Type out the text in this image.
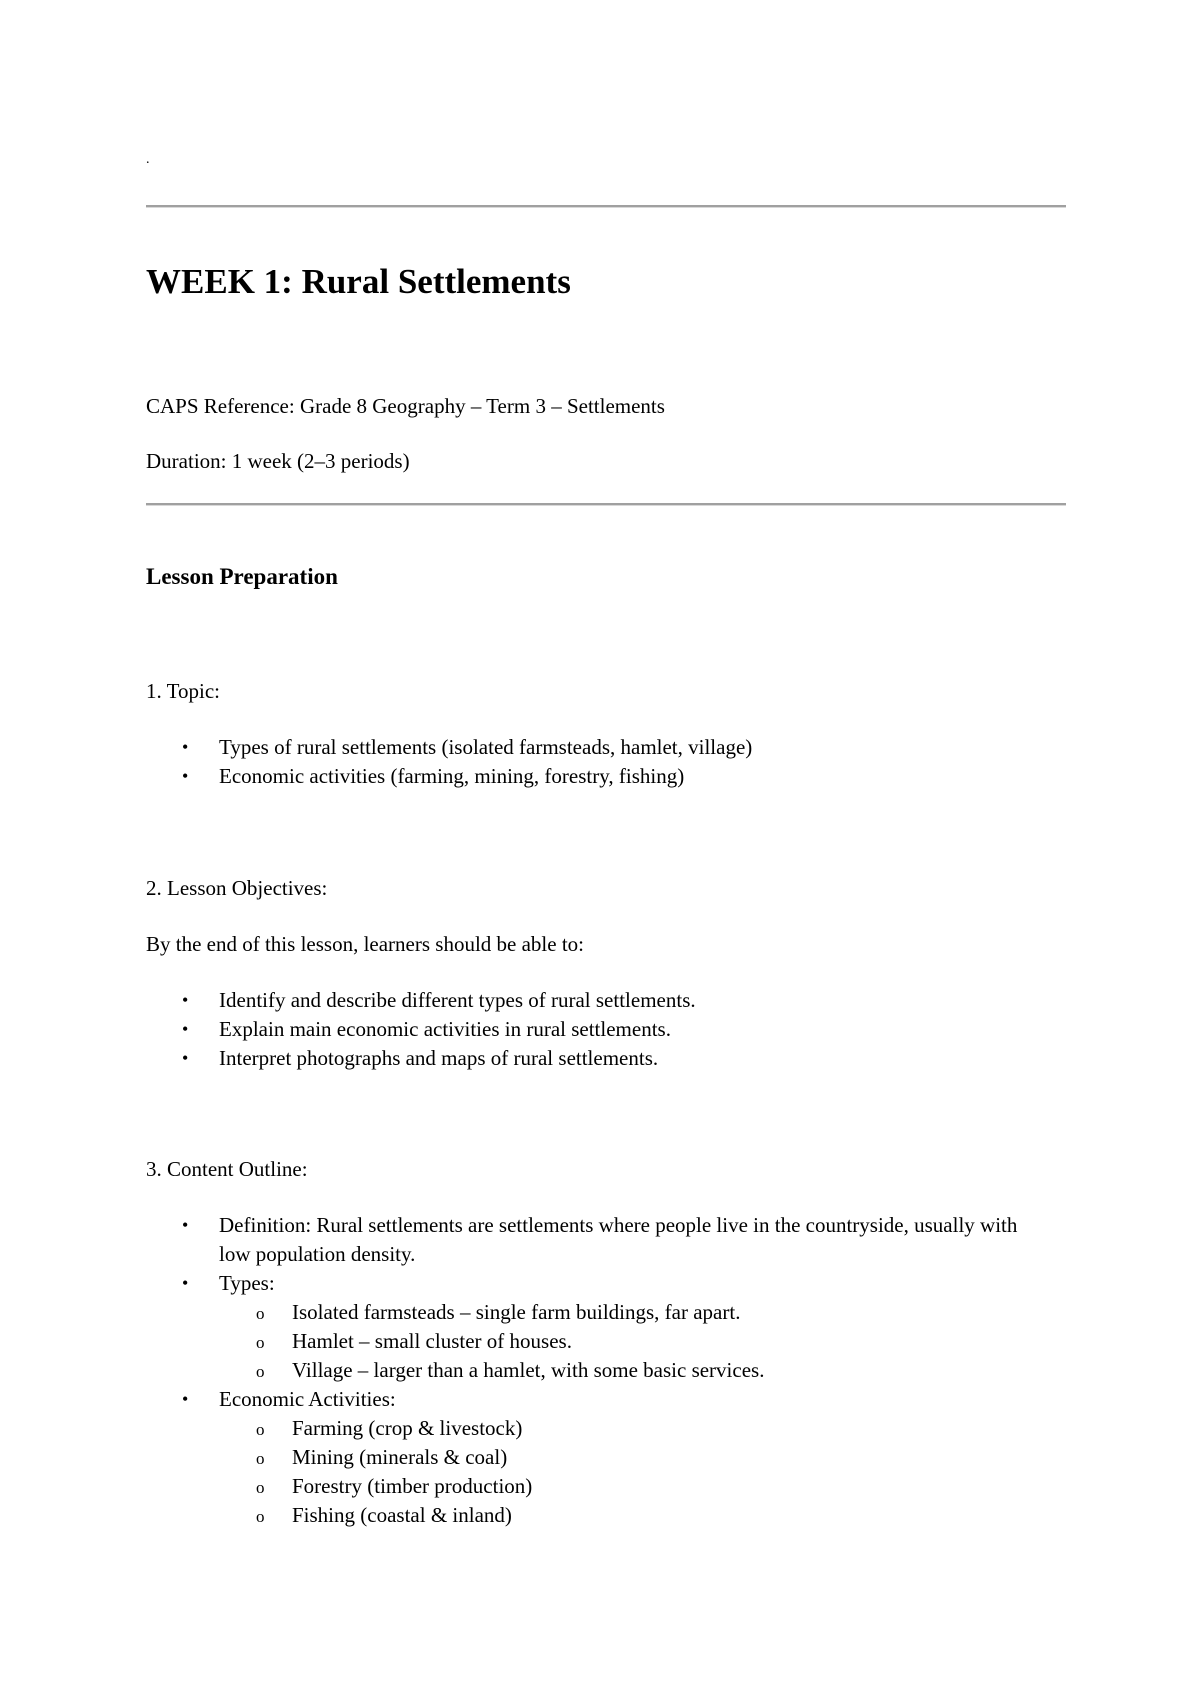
.
WEEK 1: Rural Settlements
CAPS Reference: Grade 8 Geography – Term 3 – Settlements
Duration: 1 week (2–3 periods)
Lesson Preparation
1. Topic:
• Types of rural settlements (isolated farmsteads, hamlet, village)
• Economic activities (farming, mining, forestry, fishing)
2. Lesson Objectives:
By the end of this lesson, learners should be able to:
• Identify and describe different types of rural settlements.
• Explain main economic activities in rural settlements.
• Interpret photographs and maps of rural settlements.
3. Content Outline:
• Definition: Rural settlements are settlements where people live in the countryside, usually with low population density.
• Types:
o Isolated farmsteads – single farm buildings, far apart.
o Hamlet – small cluster of houses.
o Village – larger than a hamlet, with some basic services.
• Economic Activities:
o Farming (crop & livestock)
o Mining (minerals & coal)
o Forestry (timber production)
o Fishing (coastal & inland)
